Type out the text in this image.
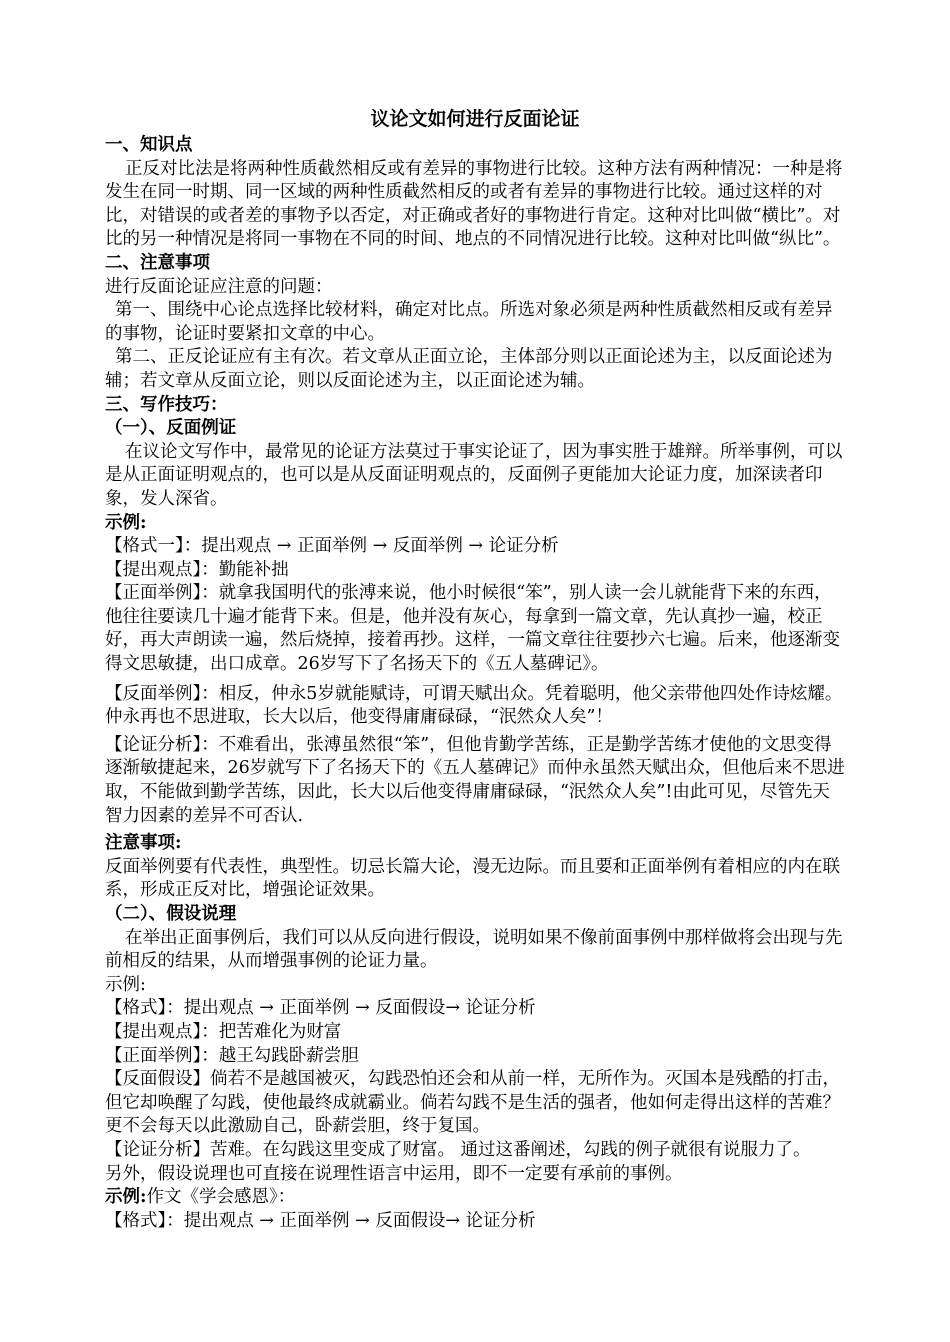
议论文如何进行反面论证
一、知识点
正反对比法是将两种性质截然相反或有差异的事物进行比较。这种方法有两种情况：一种是将发生在同一时期、同一区域的两种性质截然相反的或者有差异的事物进行比较。通过这样的对比，对错误的或者差的事物予以否定，对正确或者好的事物进行肯定。这种对比叫做“横比”。对比的另一种情况是将同一事物在不同的时间、地点的不同情况进行比较。这种对比叫做“纵比”。
二、注意事项
进行反面论证应注意的问题：
第一、围绕中心论点选择比较材料，确定对比点。所选对象必须是两种性质截然相反或有差异的事物，论证时要紧扣文章的中心。
第二、正反论证应有主有次。若文章从正面立论，主体部分则以正面论述为主，以反面论述为辅；若文章从反面立论，则以反面论述为主，以正面论述为辅。
三、写作技巧：
（一）、反面例证
在议论文写作中，最常见的论证方法莫过于事实论证了，因为事实胜于雄辩。所举事例，可以是从正面证明观点的，也可以是从反面证明观点的，反面例子更能加大论证力度，加深读者印象，发人深省。
示例:
【格式一】：提出观点 → 正面举例 → 反面举例 → 论证分析
【提出观点】：勤能补拙
【正面举例】：就拿我国明代的张溥来说，他小时候很“笨”，别人读一会儿就能背下来的东西，他往往要读几十遍才能背下来。但是，他并没有灰心，每拿到一篇文章，先认真抄一遍，校正好，再大声朗读一遍，然后烧掉，接着再抄。这样，一篇文章往往要抄六七遍。后来，他逐渐变得文思敏捷，出口成章。26岁写下了名扬天下的《五人墓碑记》。
【反面举例】：相反，仲永5岁就能赋诗，可谓天赋出众。凭着聪明，他父亲带他四处作诗炫耀。仲永再也不思进取，长大以后，他变得庸庸碌碌，“泯然众人矣”！
【论证分析】：不难看出，张溥虽然很“笨”，但他肯勤学苦练，正是勤学苦练才使他的文思变得逐渐敏捷起来，26岁就写下了名扬天下的《五人墓碑记》而仲永虽然天赋出众，但他后来不思进取，不能做到勤学苦练，因此，长大以后他变得庸庸碌碌，“泯然众人矣”!由此可见，尽管先天智力因素的差异不可否认.
注意事项:
反面举例要有代表性，典型性。切忌长篇大论，漫无边际。而且要和正面举例有着相应的内在联系，形成正反对比，增强论证效果。
（二）、假设说理
在举出正面事例后，我们可以从反向进行假设，说明如果不像前面事例中那样做将会出现与先前相反的结果，从而增强事例的论证力量。
示例:
【格式】：提出观点 → 正面举例 → 反面假设→ 论证分析
【提出观点】：把苦难化为财富
【正面举例】：越王勾践卧薪尝胆
【反面假设】倘若不是越国被灭，勾践恐怕还会和从前一样，无所作为。灭国本是残酷的打击，但它却唤醒了勾践，使他最终成就霸业。倘若勾践不是生活的强者，他如何走得出这样的苦难？更不会每天以此激励自己，卧薪尝胆，终于复国。
【论证分析】苦难。在勾践这里变成了财富。 通过这番阐述，勾践的例子就很有说服力了。
另外，假设说理也可直接在说理性语言中运用，即不一定要有承前的事例。
示例:作文《学会感恩》：
【格式】：提出观点 → 正面举例 → 反面假设→ 论证分析
